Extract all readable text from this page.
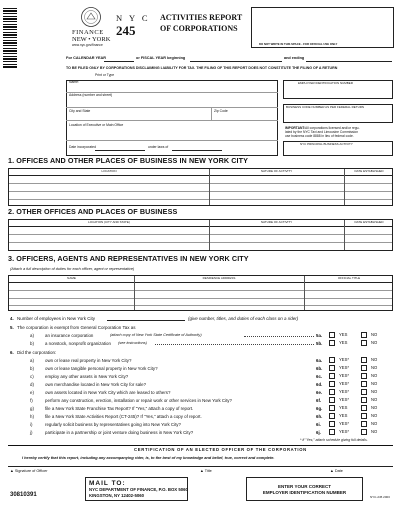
FINANCE
NEW • YORK
www.nyc.gov/finance
N Y C
245
ACTIVITIES REPORT
OF CORPORATIONS
DO NOT WRITE IN THIS SPACE - FOR OFFICIAL USE ONLY
For CALENDAR YEAR	or FISCAL YEAR beginning	and ending
TO BE FILED ONLY BY CORPORATIONS DISCLAIMING LIABILITY FOR TAX. THE FILING OF THIS REPORT DOES NOT CONSTITUTE THE FILING OF A RETURN
Print or Type
Name:
Address (number and street)
City and State	Zip Code
Location of Executive or Main Office
Date incorporated	under laws of
EMPLOYER IDENTIFICATION NUMBER
BUSINESS CODE NUMBER AS PER FEDERAL RETURN
IMPORTANT: All corporations licensed and/or regu-
lated by the NYC Taxi and Limousine Commission
use business code 8888 in lieu of federal code.
NYC PRINCIPAL BUSINESS ACTIVITY
1. OFFICES AND OTHER PLACES OF BUSINESS IN NEW YORK CITY
LOCATION	NATURE OF ACTIVITY	DATE ESTABLISHED
2. OTHER OFFICES AND PLACES OF BUSINESS
LOCATION (CITY AND STATE)	NATURE OF ACTIVITY	DATE ESTABLISHED
3. OFFICERS, AGENTS AND REPRESENTATIVES IN NEW YORK CITY
(Attach a full description of duties for each officer, agent or representative)
NAME	RESIDENCE ADDRESS	OFFICIAL TITLE
4. Number of employees in New York City	(give number, titles, and duties of each class on a rider)
5. The corporation is exempt from General Corporation Tax as
a)	an insurance corporation	(attach copy of New York State Certificate of Authority)	5a.	YES	NO
b)	a nonstock, nonprofit organization (see instructions)	5b.	YES	NO
6. Did the corporation:
a)	own or lease real property in New York City?	6a.	YES*	NO
b)	own or lease tangible personal property in New York City?	6b.	YES*	NO
c)	employ any other assets in New York City?	6c.	YES*	NO
d)	own merchandise located in New York City for sale?	6d.	YES*	NO
e)	own assets located in New York City which are leased to others?	6e.	YES*	NO
f)	perform any construction, erection, installation or repair work or other services in New York City?	6f.	YES*	NO
g)	file a New York State Franchise Tax Report? If "Yes," attach a copy of report.	6g.	YES	NO
h)	file a New York State Activities Report (CT-245)? If "Yes," attach a copy of report.	6h.	YES	NO
i)	regularly solicit business by representatives going into New York City?	6i.	YES*	NO
j)	participate in a partnership or joint venture doing business in New York City?	6j.	YES*	NO
* If "Yes," attach schedule giving full details.
CERTIFICATION OF AN ELECTED OFFICER OF THE CORPORATION
I hereby certify that this report, including any accompanying rider, is, to the best of my knowledge and belief, true, correct and complete.
▲ Signature of Officer	▲ Title	▲ Date
30810391
MAIL TO:
NYC DEPARTMENT OF FINANCE, P.O. BOX 5060
KINGSTON, NY 12402-5060
ENTER YOUR CORRECT
EMPLOYER IDENTIFICATION NUMBER
NYC-245 2003
